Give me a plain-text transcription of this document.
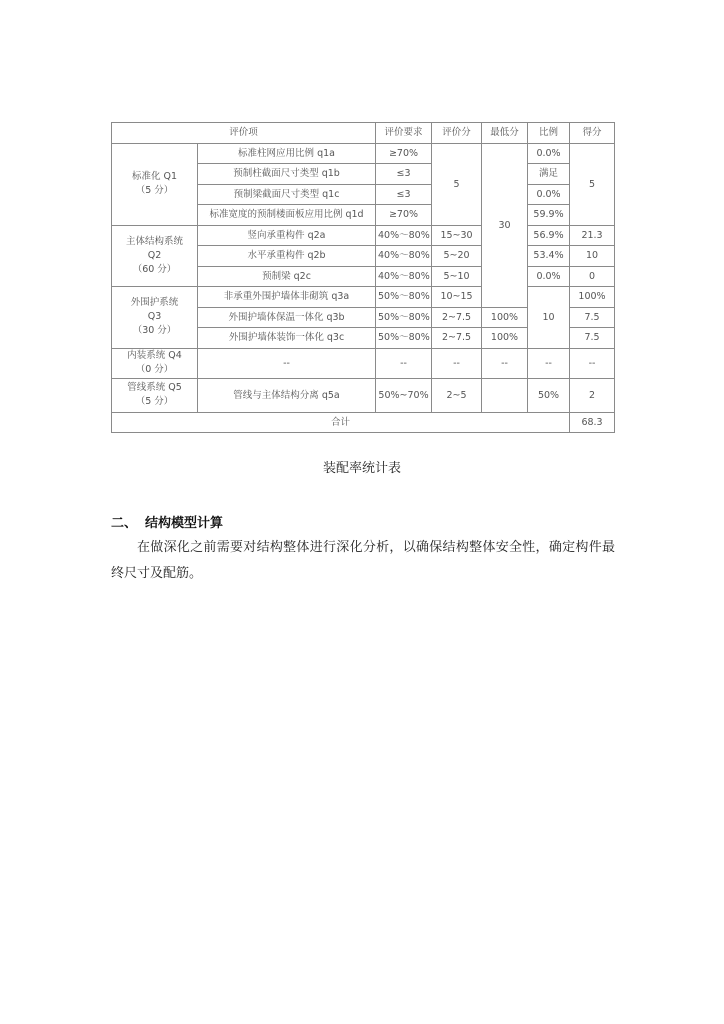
评价项		评价要求	评价分	最低分	比例	得分	

标准化 Q1
（5 分）	标准柱网应用比例 q1a	≥70%	5	30	0.0%	5	
	预制柱截面尺寸类型 q1b	≤3			满足		
	预制梁截面尺寸类型 q1c	≤3			0.0%		
	标准宽度的预制楼面板应用比例 q1d	≥70%			59.9%		

主体结构系统
Q2
（60 分）	竖向承重构件 q2a	40%～80%	15~30		56.9%	21.3	
	水平承重构件 q2b	40%～80%	5~20		53.4%	10	
	预制梁 q2c	40%～80%	5~10		0.0%	0	

外围护系统
Q3
（30 分）	非承重外围护墙体非砌筑 q3a	50%～80%	10~15		10	100%	
	外围护墙体保温一体化 q3b	50%～80%	2~7.5	100%		7.5	
	外围护墙体装饰一体化 q3c	50%～80%	2~7.5	100%		7.5	

内装系统 Q4
（0 分）	--	--	--	--	--	--	

管线系统 Q5
（5 分）	管线与主体结构分离 q5a	50%~70%	2~5		50%	2	
合计						68.3	
装配率统计表
二、 结构模型计算
在做深化之前需要对结构整体进行深化分析，以确保结构整体安全性，确定构件最终尺寸及配筋。
